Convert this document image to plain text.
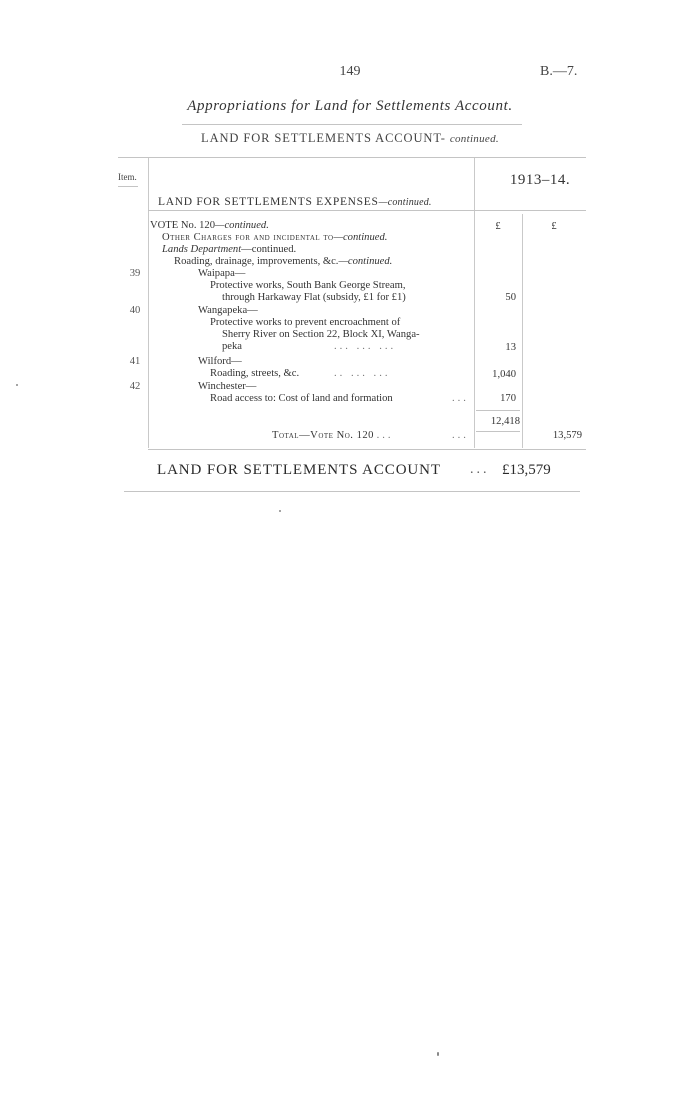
149	B.—7.
Appropriations for Land for Settlements Account.
LAND FOR SETTLEMENTS ACCOUNT- continued.
Item.	1913–14.
LAND FOR SETTLEMENTS EXPENSES—continued.
£	£
VOTE No. 120—continued.
Other Charges for and incidental to—continued.
Lands Department—continued.
Roading, drainage, improvements, &c.—continued.
39	Waipapa—
Protective works, South Bank George Stream,
through Harkaway Flat (subsidy, £1 for £1)	50
40	Wangapeka—
Protective works to prevent encroachment of
Sherry River on Section 22, Block XI, Wanga-
peka	... ... ...	13
41	Wilford—
Roading, streets, &c.	.. ... ...	1,040
42	Winchester—
Road access to: Cost of land and formation	...	170
12,418
Total—Vote No. 120 ...	...	13,579
LAND FOR SETTLEMENTS ACCOUNT ... £13,579
